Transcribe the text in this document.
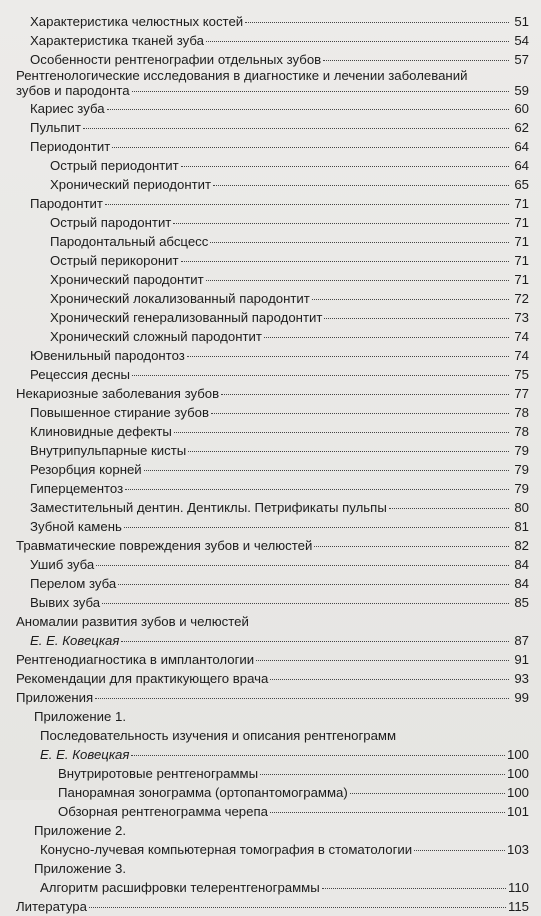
Характеристика челюстных костей	51
Характеристика тканей зуба	54
Особенности рентгенографии отдельных зубов	57
Рентгенологические исследования в диагностике и лечении заболеваний
зубов и пародонта	59
Кариес зуба	60
Пульпит	62
Периодонтит	64
Острый периодонтит	64
Хронический периодонтит	65
Пародонтит	71
Острый пародонтит	71
Пародонтальный абсцесс	71
Острый перикоронит	71
Хронический пародонтит	71
Хронический локализованный пародонтит	72
Хронический генерализованный пародонтит	73
Хронический сложный пародонтит	74
Ювенильный пародонтоз	74
Рецессия десны	75
Некариозные заболевания зубов	77
Повышенное стирание зубов	78
Клиновидные дефекты	78
Внутрипульпарные кисты	79
Резорбция корней	79
Гиперцементоз	79
Заместительный дентин. Дентиклы. Петрификаты пульпы	80
Зубной камень	81
Травматические повреждения зубов и челюстей	82
Ушиб зуба	84
Перелом зуба	84
Вывих зуба	85
Аномалии развития зубов и челюстей
Е. Е. Ковецкая	87
Рентгенодиагностика в имплантологии	91
Рекомендации для практикующего врача	93
Приложения	99
Приложение 1.
Последовательность изучения и описания рентгенограмм
Е. Е. Ковецкая	100
Внутриротовые рентгенограммы	100
Панорамная зонограмма (ортопантомограмма)	100
Обзорная рентгенограмма черепа	101
Приложение 2.
Конусно-лучевая компьютерная томография в стоматологии	103
Приложение 3.
Алгоритм расшифровки телерентгенограммы	110
Литература	115
